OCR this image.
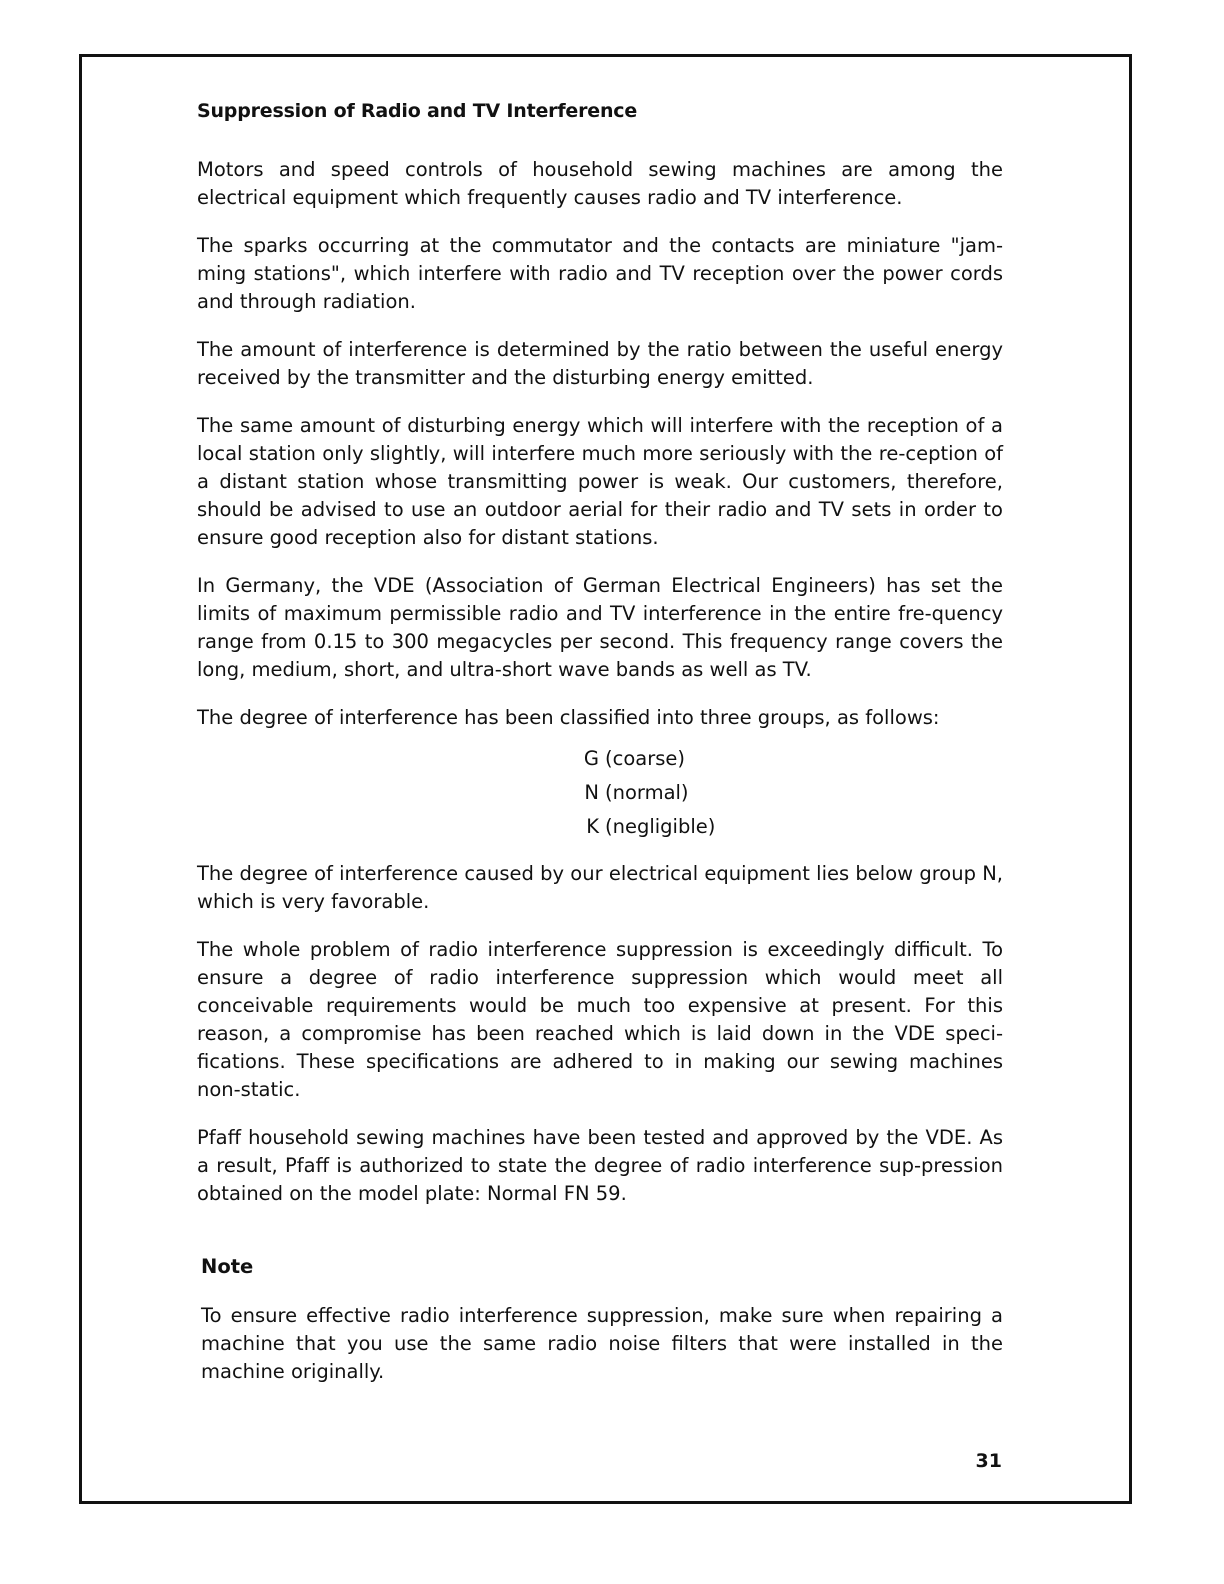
Suppression of Radio and TV Interference

Motors and speed controls of household sewing machines are among the electrical equipment which frequently causes radio and TV interference.

The sparks occurring at the commutator and the contacts are miniature "jam-ming stations", which interfere with radio and TV reception over the power cords and through radiation.

The amount of interference is determined by the ratio between the useful energy received by the transmitter and the disturbing energy emitted.

The same amount of disturbing energy which will interfere with the reception of a local station only slightly, will interfere much more seriously with the re-ception of a distant station whose transmitting power is weak. Our customers, therefore, should be advised to use an outdoor aerial for their radio and TV sets in order to ensure good reception also for distant stations.

In Germany, the VDE (Association of German Electrical Engineers) has set the limits of maximum permissible radio and TV interference in the entire fre-quency range from 0.15 to 300 megacycles per second. This frequency range covers the long, medium, short, and ultra-short wave bands as well as TV.

The degree of interference has been classified into three groups, as follows:

G (coarse)
N (normal)
K (negligible)

The degree of interference caused by our electrical equipment lies below group N, which is very favorable.

The whole problem of radio interference suppression is exceedingly difficult. To ensure a degree of radio interference suppression which would meet all conceivable requirements would be much too expensive at present. For this reason, a compromise has been reached which is laid down in the VDE speci-fications. These specifications are adhered to in making our sewing machines non-static.

Pfaff household sewing machines have been tested and approved by the VDE. As a result, Pfaff is authorized to state the degree of radio interference sup-pression obtained on the model plate: Normal FN 59.

Note

To ensure effective radio interference suppression, make sure when repairing a machine that you use the same radio noise filters that were installed in the machine originally.

31
